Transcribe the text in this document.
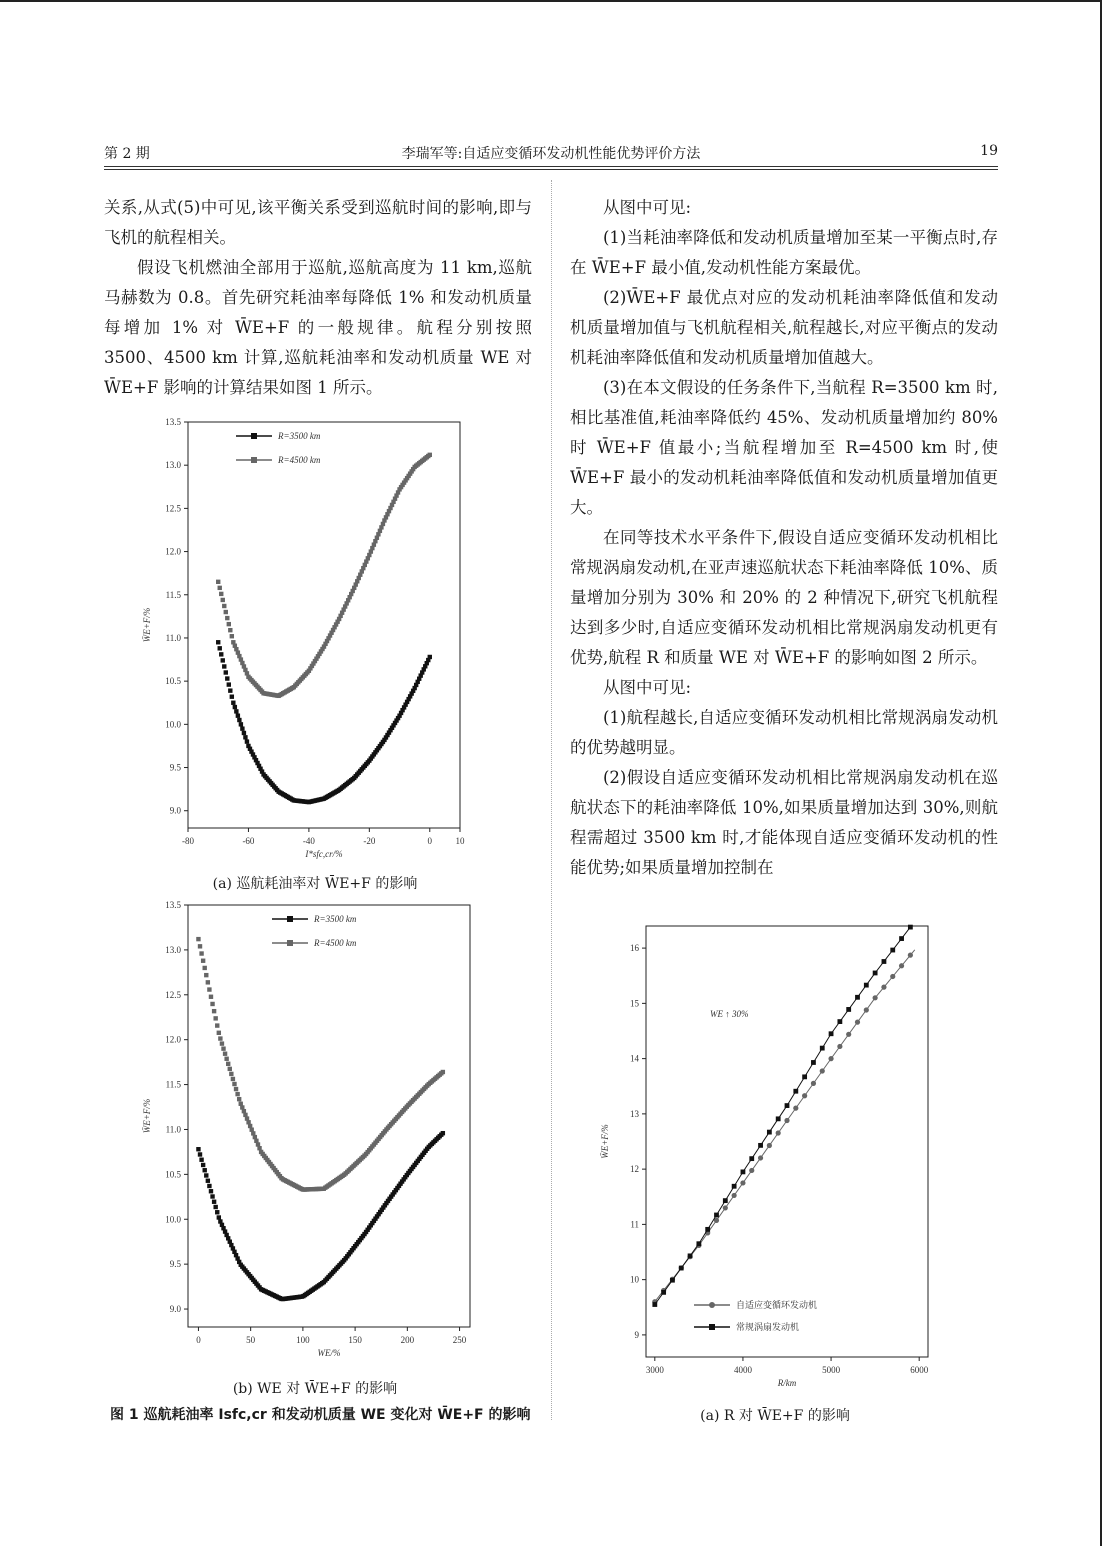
第 2 期	李瑞军等:自适应变循环发动机性能优势评价方法	19

关系,从式(5)中可见,该平衡关系受到巡航时间的影响,即与飞机的航程相关。

假设飞机燃油全部用于巡航,巡航高度为 11 km,巡航马赫数为 0.8。首先研究耗油率每降低 1% 和发动机质量每增加 1% 对 W̄E+F 的一般规律。航程分别按照 3500、4500 km 计算,巡航耗油率和发动机质量 WE 对 W̄E+F 影响的计算结果如图 1 所示。

从图中可见:

(1)当耗油率降低和发动机质量增加至某一平衡点时,存在 W̄E+F 最小值,发动机性能方案最优。

(2)W̄E+F 最优点对应的发动机耗油率降低值和发动机质量增加值与飞机航程相关,航程越长,对应平衡点的发动机耗油率降低值和发动机质量增加值越大。

(3)在本文假设的任务条件下,当航程 R=3500 km 时,相比基准值,耗油率降低约 45%、发动机质量增加约 80% 时 W̄E+F 值最小;当航程增加至 R=4500 km 时,使 W̄E+F 最小的发动机耗油率降低值和发动机质量增加值更大。

在同等技术水平条件下,假设自适应变循环发动机相比常规涡扇发动机,在亚声速巡航状态下耗油率降低 10%、质量增加分别为 30% 和 20% 的 2 种情况下,研究飞机航程达到多少时,自适应变循环发动机相比常规涡扇发动机更有优势,航程 R 和质量 WE 对 W̄E+F 的影响如图 2 所示。

从图中可见:

(1)航程越长,自适应变循环发动机相比常规涡扇发动机的优势越明显。

(2)假设自适应变循环发动机相比常规涡扇发动机在巡航状态下的耗油率降低 10%,如果质量增加达到 30%,则航程需超过 3500 km 时,才能体现自适应变循环发动机的性能优势;如果质量增加控制在

9.0
9.5
10.0
10.5
11.0
11.5
12.0
12.5
13.0
13.5
-80	-60	-40	-20	0	10
I*sfc,cr/%
W̄E+F/%
R=3500 km
R=4500 km
(a) 巡航耗油率对 W̄E+F 的影响
9.0
9.5
10.0
10.5
11.0
11.5
12.0
12.5
13.0
13.5
0	50	100	150	200	250
WE/%
W̄E+F/%
R=3500 km
R=4500 km
(b) WE 对 W̄E+F 的影响
图 1 巡航耗油率 Isfc,cr 和发动机质量 WE 变化对 W̄E+F 的影响
9
10
11
12
13
14
15
16
3000	4000	5000	6000
R/km
W̄E+F/%
自适应变循环发动机
常规涡扇发动机
WE ↑ 30%
(a) R 对 W̄E+F 的影响
